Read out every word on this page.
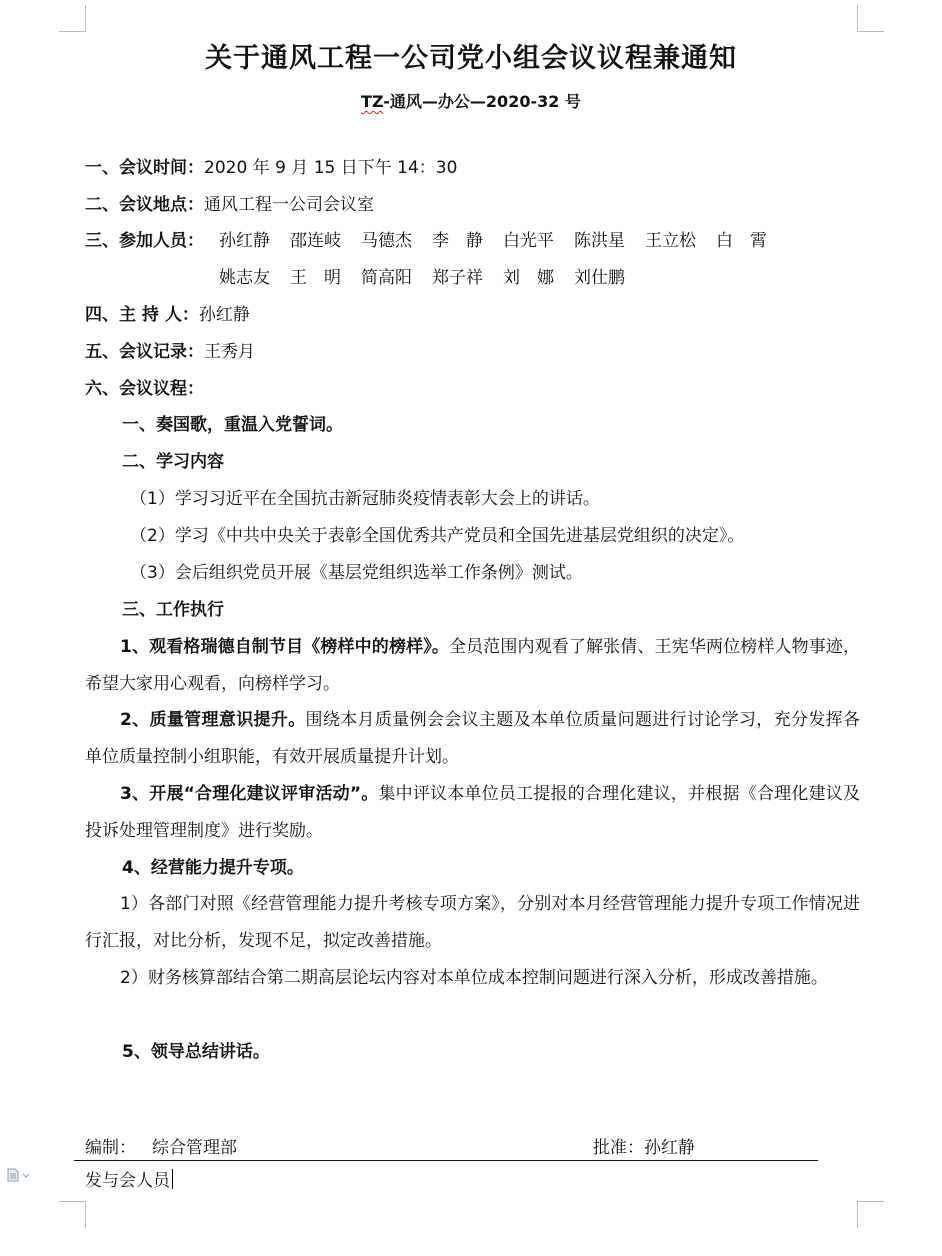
关于通风工程一公司党小组会议议程兼通知
TZ-通风—办公—2020-32 号
一、会议时间：2020 年 9 月 15 日下午 14：30
二、会议地点：通风工程一公司会议室
三、参加人员： 孙红静 邵连岐 马德杰 李　静 白光平 陈洪星 王立松 白　霄
姚志友 王　明 简高阳 郑子祥 刘　娜 刘仕鹏
四、主 持 人：孙红静
五、会议记录：王秀月
六、会议议程：
一、奏国歌，重温入党誓词。
二、学习内容
（1）学习习近平在全国抗击新冠肺炎疫情表彰大会上的讲话。
（2）学习《中共中央关于表彰全国优秀共产党员和全国先进基层党组织的决定》。
（3）会后组织党员开展《基层党组织选举工作条例》测试。
三、工作执行
1、观看格瑞德自制节目《榜样中的榜样》。全员范围内观看了解张倩、王宪华两位榜样人物事迹，希望大家用心观看，向榜样学习。
2、质量管理意识提升。围绕本月质量例会会议主题及本单位质量问题进行讨论学习，充分发挥各单位质量控制小组职能，有效开展质量提升计划。
3、开展“合理化建议评审活动”。集中评议本单位员工提报的合理化建议，并根据《合理化建议及投诉处理管理制度》进行奖励。
4、经营能力提升专项。
1）各部门对照《经营管理能力提升考核专项方案》，分别对本月经营管理能力提升专项工作情况进行汇报，对比分析，发现不足，拟定改善措施。
2）财务核算部结合第二期高层论坛内容对本单位成本控制问题进行深入分析，形成改善措施。
5、领导总结讲话。
编制： 综合管理部	批准：孙红静
发与会人员
